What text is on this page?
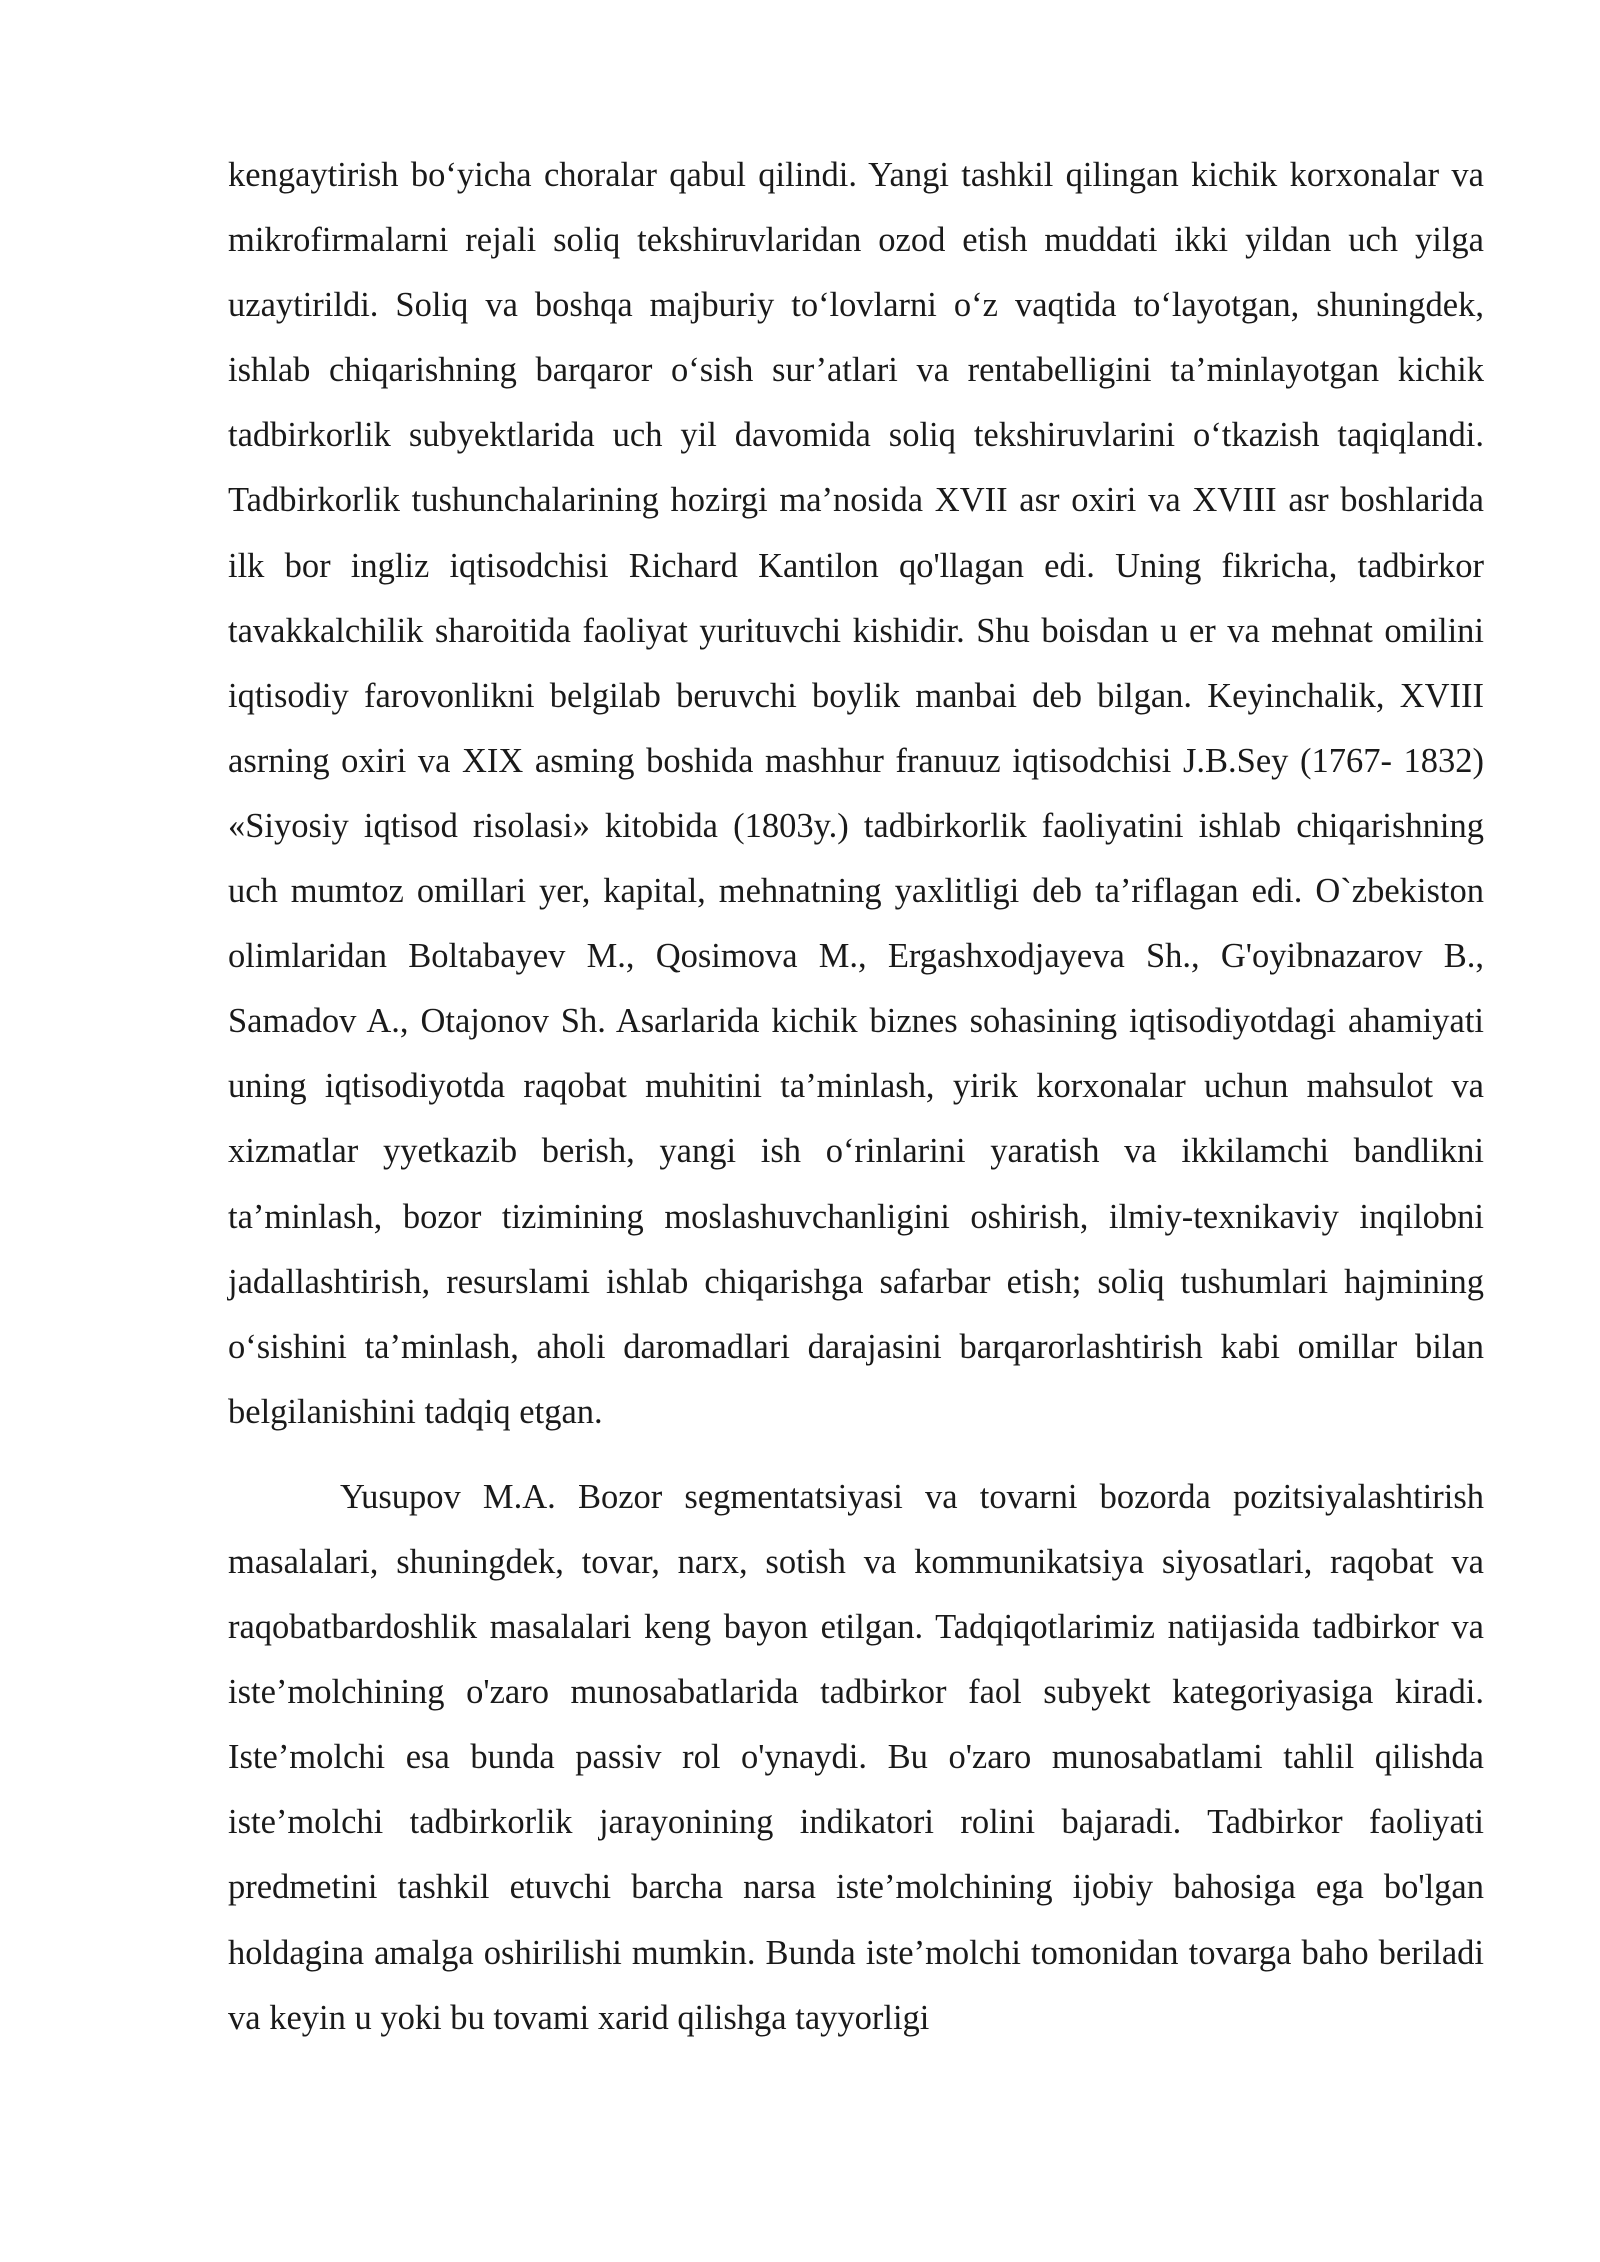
kengaytirish bo‘yicha choralar qabul qilindi. Yangi tashkil qilingan kichik korxonalar va mikrofirmalarni rejali soliq tekshiruvlaridan ozod etish muddati ikki yildan uch yilga uzaytirildi. Soliq va boshqa majburiy to‘lovlarni o‘z vaqtida to‘layotgan, shuningdek, ishlab chiqarishning barqaror o‘sish sur’atlari va rentabelligini ta’minlayotgan kichik tadbirkorlik subyektlarida uch yil davomida soliq tekshiruvlarini o‘tkazish taqiqlandi. Tadbirkorlik tushunchalarining hozirgi ma’nosida XVII asr oxiri va XVIII asr boshlarida ilk bor ingliz iqtisodchisi Richard Kantilon qo'llagan edi. Uning fikricha, tadbirkor tavakkalchilik sharoitida faoliyat yurituvchi kishidir. Shu boisdan u er va mehnat omilini iqtisodiy farovonlikni belgilab beruvchi boylik manbai deb bilgan. Keyinchalik, XVIII asrning oxiri va XIX asming boshida mashhur franuuz iqtisodchisi J.B.Sey (1767- 1832) «Siyosiy iqtisod risolasi» kitobida (1803y.) tadbirkorlik faoliyatini ishlab chiqarishning uch mumtoz omillari yer, kapital, mehnatning yaxlitligi deb ta’riflagan edi. O`zbekiston olimlaridan Boltabayev M., Qosimova M., Ergashxodjayeva Sh., G'oyibnazarov B., Samadov A., Otajonov Sh. Asarlarida kichik biznes sohasining iqtisodiyotdagi ahamiyati uning iqtisodiyotda raqobat muhitini ta’minlash, yirik korxonalar uchun mahsulot va xizmatlar yyetkazib berish, yangi ish o‘rinlarini yaratish va ikkilamchi bandlikni ta’minlash, bozor tizimining moslashuvchanligini oshirish, ilmiy-texnikaviy inqilobni jadallashtirish, resurslami ishlab chiqarishga safarbar etish; soliq tushumlari hajmining o‘sishini ta’minlash, aholi daromadlari darajasini barqarorlashtirish kabi omillar bilan belgilanishini tadqiq etgan.

Yusupov M.A. Bozor segmentatsiyasi va tovarni bozorda pozitsiyalashtirish masalalari, shuningdek, tovar, narx, sotish va kommunikatsiya siyosatlari, raqobat va raqobatbardoshlik masalalari keng bayon etilgan. Tadqiqotlarimiz natijasida tadbirkor va iste’molchining o'zaro munosabatlarida tadbirkor faol subyekt kategoriyasiga kiradi. Iste’molchi esa bunda passiv rol o'ynaydi. Bu o'zaro munosabatlami tahlil qilishda iste’molchi tadbirkorlik jarayonining indikatori rolini bajaradi. Tadbirkor faoliyati predmetini tashkil etuvchi barcha narsa iste’molchining ijobiy bahosiga ega bo'lgan holdagina amalga oshirilishi mumkin. Bunda iste’molchi tomonidan tovarga baho beriladi va keyin u yoki bu tovami xarid qilishga tayyorligi
